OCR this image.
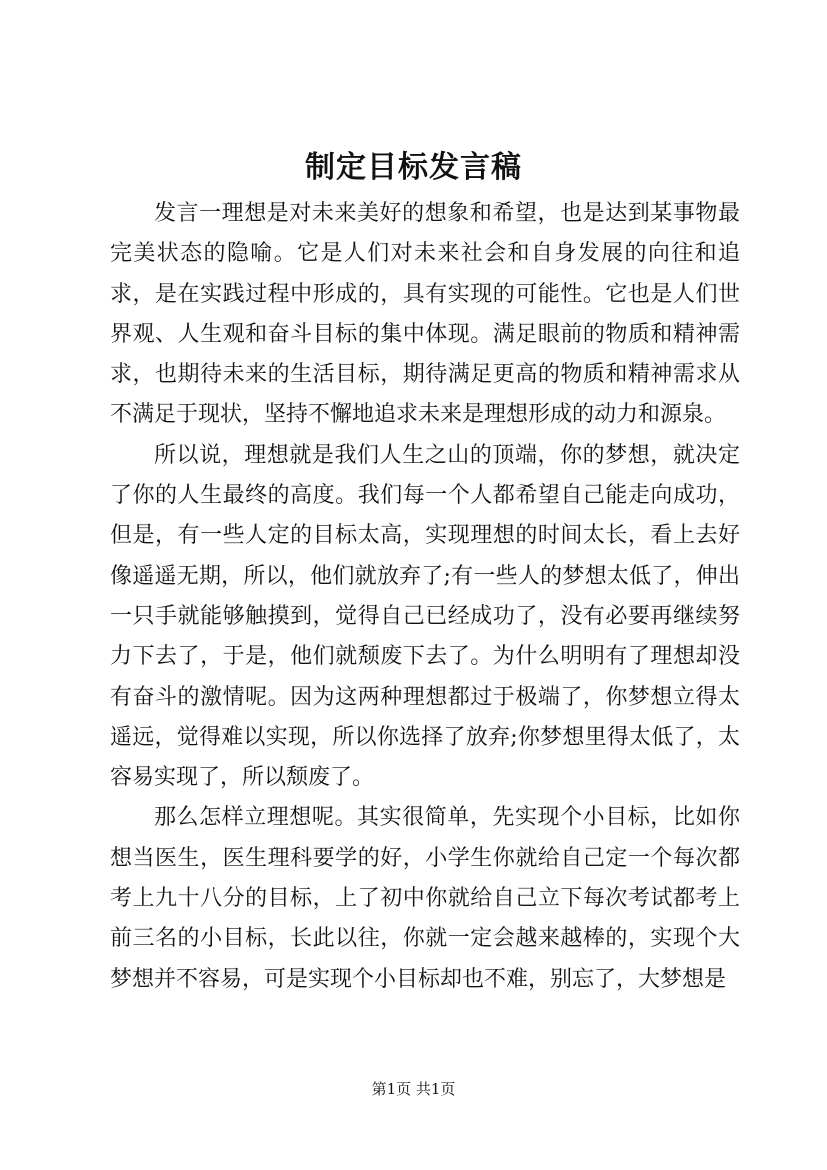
制定目标发言稿

发言一理想是对未来美好的想象和希望，也是达到某事物最完美状态的隐喻。它是人们对未来社会和自身发展的向往和追求，是在实践过程中形成的，具有实现的可能性。它也是人们世界观、人生观和奋斗目标的集中体现。满足眼前的物质和精神需求，也期待未来的生活目标，期待满足更高的物质和精神需求从不满足于现状，坚持不懈地追求未来是理想形成的动力和源泉。

所以说，理想就是我们人生之山的顶端，你的梦想，就决定了你的人生最终的高度。我们每一个人都希望自己能走向成功，但是，有一些人定的目标太高，实现理想的时间太长，看上去好像遥遥无期，所以，他们就放弃了;有一些人的梦想太低了，伸出一只手就能够触摸到，觉得自己已经成功了，没有必要再继续努力下去了，于是，他们就颓废下去了。为什么明明有了理想却没有奋斗的激情呢。因为这两种理想都过于极端了，你梦想立得太遥远，觉得难以实现，所以你选择了放弃;你梦想里得太低了，太容易实现了，所以颓废了。

那么怎样立理想呢。其实很简单，先实现个小目标，比如你想当医生，医生理科要学的好，小学生你就给自己定一个每次都考上九十八分的目标，上了初中你就给自己立下每次考试都考上前三名的小目标，长此以往，你就一定会越来越棒的，实现个大梦想并不容易，可是实现个小目标却也不难，别忘了，大梦想是

第1页 共1页
